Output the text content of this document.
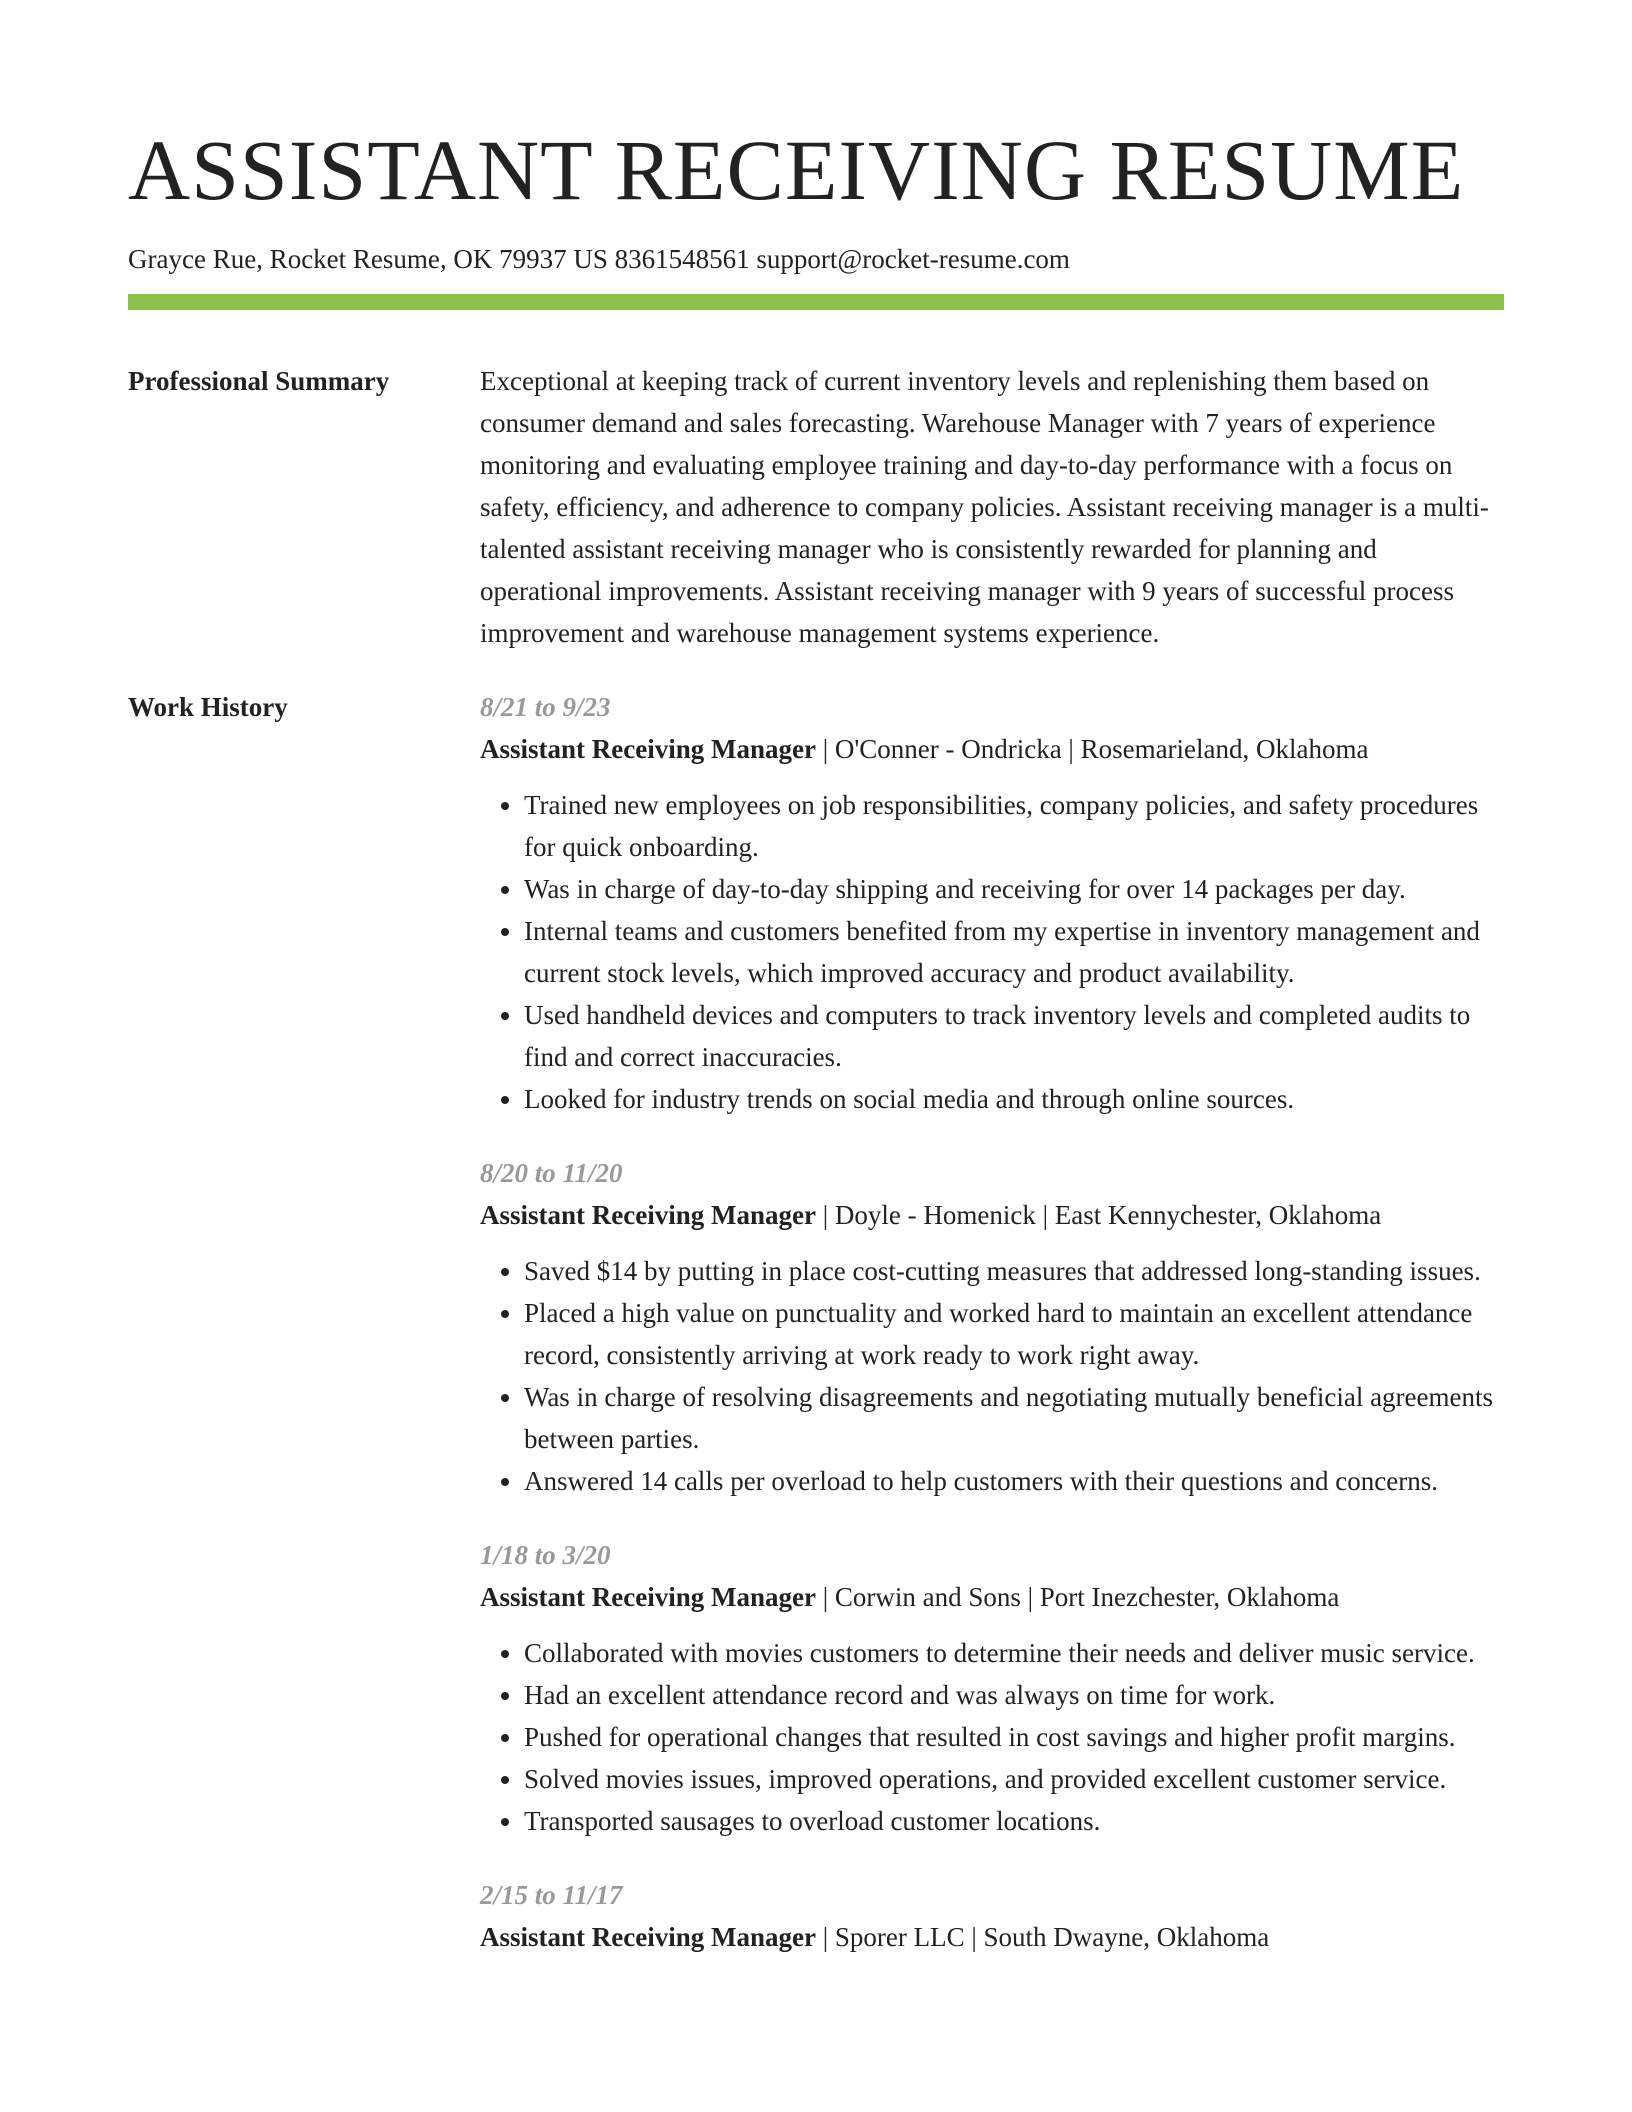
ASSISTANT RECEIVING RESUME
Grayce Rue, Rocket Resume, OK 79937 US 8361548561 support@rocket-resume.com
Professional Summary	Exceptional at keeping track of current inventory levels and replenishing them based on consumer demand and sales forecasting. Warehouse Manager with 7 years of experience monitoring and evaluating employee training and day-to-day performance with a focus on safety, efficiency, and adherence to company policies. Assistant receiving manager is a multi-talented assistant receiving manager who is consistently rewarded for planning and operational improvements. Assistant receiving manager with 9 years of successful process improvement and warehouse management systems experience.
Work History	8/21 to 9/23
Assistant Receiving Manager | O'Conner - Ondricka | Rosemarieland, Oklahoma
• Trained new employees on job responsibilities, company policies, and safety procedures for quick onboarding.
• Was in charge of day-to-day shipping and receiving for over 14 packages per day.
• Internal teams and customers benefited from my expertise in inventory management and current stock levels, which improved accuracy and product availability.
• Used handheld devices and computers to track inventory levels and completed audits to find and correct inaccuracies.
• Looked for industry trends on social media and through online sources.
8/20 to 11/20
Assistant Receiving Manager | Doyle - Homenick | East Kennychester, Oklahoma
• Saved $14 by putting in place cost-cutting measures that addressed long-standing issues.
• Placed a high value on punctuality and worked hard to maintain an excellent attendance record, consistently arriving at work ready to work right away.
• Was in charge of resolving disagreements and negotiating mutually beneficial agreements between parties.
• Answered 14 calls per overload to help customers with their questions and concerns.
1/18 to 3/20
Assistant Receiving Manager | Corwin and Sons | Port Inezchester, Oklahoma
• Collaborated with movies customers to determine their needs and deliver music service.
• Had an excellent attendance record and was always on time for work.
• Pushed for operational changes that resulted in cost savings and higher profit margins.
• Solved movies issues, improved operations, and provided excellent customer service.
• Transported sausages to overload customer locations.
2/15 to 11/17
Assistant Receiving Manager | Sporer LLC | South Dwayne, Oklahoma
